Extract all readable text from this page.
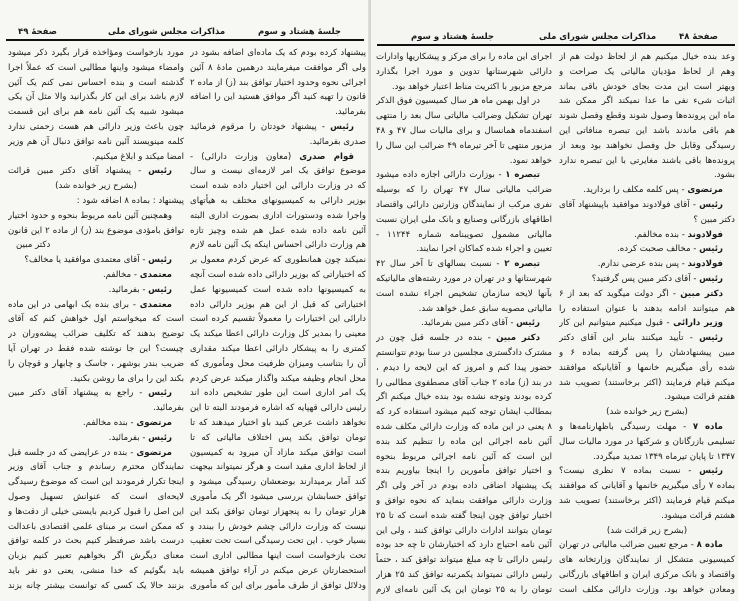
صفحهٔ ۴۹	مذاکرات مجلس شورای ملی	جلسهٔ هشتاد و سوم
پیشنهاد کرده بودم که یک ماده‌ای اضافه بشود در
ولی اگر موافقت میفرمایند درهمین مادهٔ ۸ آئین
اجرائی نحوه وحدود اختیار توافق بند (ز) از ماده ۲
قانون را تهیه کنید اگر موافق هستید این را اضافه
بفرمائید.
رئیس - پیشنهاد خودتان را مرقوم فرمائید
صدری بفرمائید.
قوام صدری (معاون وزارت دارائی) -
موضوع توافق یک امر لازمه‌ای نیست و سال
که در وزارت دارائی این اختیار داده شده است
بوزیر دارائی به کمیسیونهای مختلف به هیأتهای
واجرا شده ودستورات اداری بصورت اداری البته
آئین نامه داده شده عمل هم شده وچیز تازه
هم وزارت دارائی احساس اینکه یک آئین نامه لازم
نمیکند چون همانطوری که عرض کردم معمول بر
که اختیاراتی که بوزیر دارائی داده شده است آنچه
به کمیسیونها داده شده است کمیسیونها عمل
اختیاراتی که قبل از این هم بوزیر دارائی داده
دارائی این اختیارات را معمولاً تقسیم کرده است
معینی را بمدیر کل وزارت دارائی اعطا میکند یک
کمتری را به پیشکار دارائی اعطا میکند مقداری
آن را بتناسب ومیزان ظرفیت محل ومأموری که
محل انجام وظیفه میکند واگذار میکند عرض کردم
یک امر اداری است این طور تشخیص داده اند
رئیس دارائی قهپایه که اشاره فرمودند البته تا این
نخواهد داشت عرض کنید باو اختیار میدهند که تا
تومان توافق بکند پس اختلاف مالیاتی که تا
است توافق میکند مازاد آن میرود به کمیسیون
از لحاظ اداری مقید است و هرگز نمیتواند بیجهت
کند آمار برمیدارند بوضعشان رسیدگی میشود و
توافق حسابشان بررسی میشود اگر یک مأموری
هزار تومان را به پنجهزار تومان توافق بکند این
نیست که وزارت دارائی چشم خودش را ببندد و
بسیار خوب . این تحت رسیدگی است تحت تعقیب
تحت بازخواست است اینها مطالبی اداری است
استحضارتان عرض میکنم در آراء توافق همیشه
ودلائل توافق از طرف مأمور برای این که مأموری
مورد بازخواست ومؤاخذه قرار بگیرد ذکر میشود
وامضاء میشود واینها مطالبی است که عملاً اجرا
گذشته است و بنده احساس نمی کنم یک آئین
لازم باشد برای این کار بگذرانید والا مثل آن یکی
میشود شبیه یک آئین نامه هم برای این قسمت
چون باعث وزیر دارائی هم هست زحمتی ندارد
کلمه مینویسند آئین نامه توافق دنبال آن هم وزیر
امضا میکند و ابلاغ میکنیم.
رئیس - پیشنهاد آقای دکتر مبین قرائت
(بشرح زیر خوانده شد)
پیشنهاد : بماده ۸ اضافه شود :
وهمچنین آئین نامه مربوط بنحوه و حدود اختیار
توافق بامؤدی موضوع بند (ز) از ماده ۲ این قانون
دکتر مبین
رئیس - آقای معتمدی موافقید یا مخالف؟
معتمدی - مخالفم.
رئیس - بفرمائید.
معتمدی - برای بنده یک ابهامی در این ماده
است که میخواستم اول خواهش کنم که آقای
توضیح بدهند که تکلیف ضرائب پیشه‌وران در
چیست؟ این جا نوشته شده فقط در تهران آیا
ضریب بندر بوشهر ، جاسک و چابهار و قوچان را
بکند این را برای ما روشن بکنید.
رئیس - راجع به پیشنهاد آقای دکتر مبین
بفرمائید.
مرتضوی - بنده مخالفم.
رئیس - بفرمائید.
مرتضوی - بنده در عرایضی که در جلسه قبل
نمایندگان محترم رساندم و جناب آقای وزیر
اینجا تکرار فرمودند این است که موضوع رسیدگی
لایحه‌ای است که عنوانش تسهیل وصول
این اصل را قبول کردیم بایستی خیلی از دقت‌ها و
که ممکن است بر مبنای علمی اقتصادی باعدالت
درست باشد صرفنظر کنیم بحث در کلمه توافق
معنای دیگرش اگر بخواهیم تعبیر کنیم بزبان
باید بگوئیم که خدا منشی، یعنی دو نفر باید
بزنند حالا یک کسی که توانست بیشتر چانه بزند
جلسهٔ هشتاد و سوم	مذاکرات مجلس شورای ملی	صفحهٔ ۴۸
وعد بنده خیال میکنیم هم از لحاظ دولت هم از
وهم از لحاظ مؤدیان مالیاتی یک صراحت و
وبهتر است این مدت بجای خودش باقی بماند
اثبات شیء نفی ما عدا نمیکند اگر ممکن شد
ماه این پرونده‌ها وصول شوند وقطع وفصل شوند
هم باقی ماندند باشد این تبصره منافاتی این
رسیدگی وقابل حل وفصل نخواهند بود وبعد از
پرونده‌ها باقی باشند مغایرتی با این تبصره ندارد
بشود.
مرتضوی - پس کلمه مکلف را بردارید.
رئیس - آقای فولادوند موافقید باپیشنهاد آقای
دکتر مبین ؟
فولادوند - بنده مخالفم.
رئیس - مخالف صحبت کرده.
فولادوند - پس بنده عرضی ندارم.
رئیس - آقای دکتر مبین پس گرفتید؟
دکتر مبین - اگر دولت میگوید که بعد از ۶
هم میتوانند ادامه بدهند با عنوان استفاده را
وزیر دارائی - قبول میکنیم میتوانیم این کار
رئیس - تأیید میکنند بنابر این آقای دکتر
مبین پیشنهادشان را پس گرفته بماده ۶ و
شده رأی میگیریم خانمها و آقایانیکه موافقند
میکنم قیام فرمایند (اکثر برخاستند) تصویب شد
هفتم قرائت میشود.
(بشرح زیر خوانده شد)
ماده ۷ - مهلت رسیدگی باظهارنامه‌ها و
تسلیمی بازرگانان و شرکتها در مورد مالیات سال
۱۳۴۷ تا پایان تیرماه ۱۳۴۹ تمدید میگردد.
رئیس - نسبت بماده ۷ نظری نیست؟
بماده ۷ رأی میگیریم خانمها و آقایانی که موافقند
میکنم قیام فرمایند (اکثر برخاستند) تصویب شد
هشتم قرائت میشود.
(بشرح زیر قرائت شد)
ماده ۸ - مرجع تعیین ضرائب مالیاتی در تهران
کمیسیونی متشکل از نمایندگان وزارتخانه های
واقتصاد و بانک مرکزی ایران و اطاقهای بازرگانی
ومعادن خواهد بود. وزارت دارائی مکلف است
اجرای این ماده را برای مرکز و پیشکاریها وادارات
دارائی شهرستانها تدوین و مورد اجرا بگذارد
مرجع مزبور با اکثریت مناط اعتبار خواهد بود.
در اول بهمن ماه هر سال کمیسیون فوق الذکر
تهران تشکیل وضرائب مالیاتی سال بعد را منتهی
اسفندماه همانسال و برای مالیات سال ۴۷ و ۴۸
مزبور منتهی تا آخر تیرماه ۴۹ ضرائب این سال را
خواهد نمود.
تبصره ۱ - بوزارت دارائی اجازه داده میشود
ضرائب مالیاتی سال ۴۷ تهران را که بوسیله
نفری مرکب از نمایندگان وزارتین دارائی واقتصاد
اطاقهای بازرگانی وصنایع و بانک ملی ایران نسبت
مالیاتی مشمول تصویبنامه شماره ۱۱۲۴۴ -
تعیین و اجراء شده کماکان اجرا نمایند.
تبصره ۲ - نسبت بسالهای تا آخر سال ۴۲
شهرستانها و در تهران در مورد رشته‌های مالیاتیکه
بآنها لایحه سازمان تشخیص اجراء نشده است
مالیاتی مصوبه سابق عمل خواهد شد.
رئیس - آقای دکتر مبین بفرمائید.
دکتر مبین - بنده در جلسه قبل چون در
مشترک دادگستری مجلسین در سنا بودم نتوانستم
حضور پیدا کنم و امروز که این لایحه را دیدم ،
در بند (ز) ماده ۲ جناب آقای مصطفوی مطالبی را
کرده بودند وتوجه نشده بود بنده خیال میکنم اگر
بمطالب ایشان توجه کنیم میشود استفاده کرد که
۸ یعنی در این ماده که وزارت دارائی مکلف شده
آئین نامه اجرائی این ماده را تنظیم کند بنده
این است که آئین نامه اجرائی مربوط بنحوه
و اختیار توافق مأمورین را اینجا بیاوریم بنده
یک پیشنهاد اضافی داده بودم در آخر ولی اگر
وزارت دارائی موافقت بنماید که نحوه توافق و
اختیار توافق چون اینجا گفته شده است که تا ۲۵
تومان بتوانند ادارات دارائی توافق کنند ، ولی این
آئین نامه احتیاج دارد که اختیارشان تا چه حد بوده
رئیس دارائی تا چه مبلغ میتواند توافق کند ، حتماً
رئیس دارائی نمیتواند یکمرتبه توافق کند ۲۵ هزار
تومان را به ۲۵ تومان این یک آئین نامه‌ای لازم
